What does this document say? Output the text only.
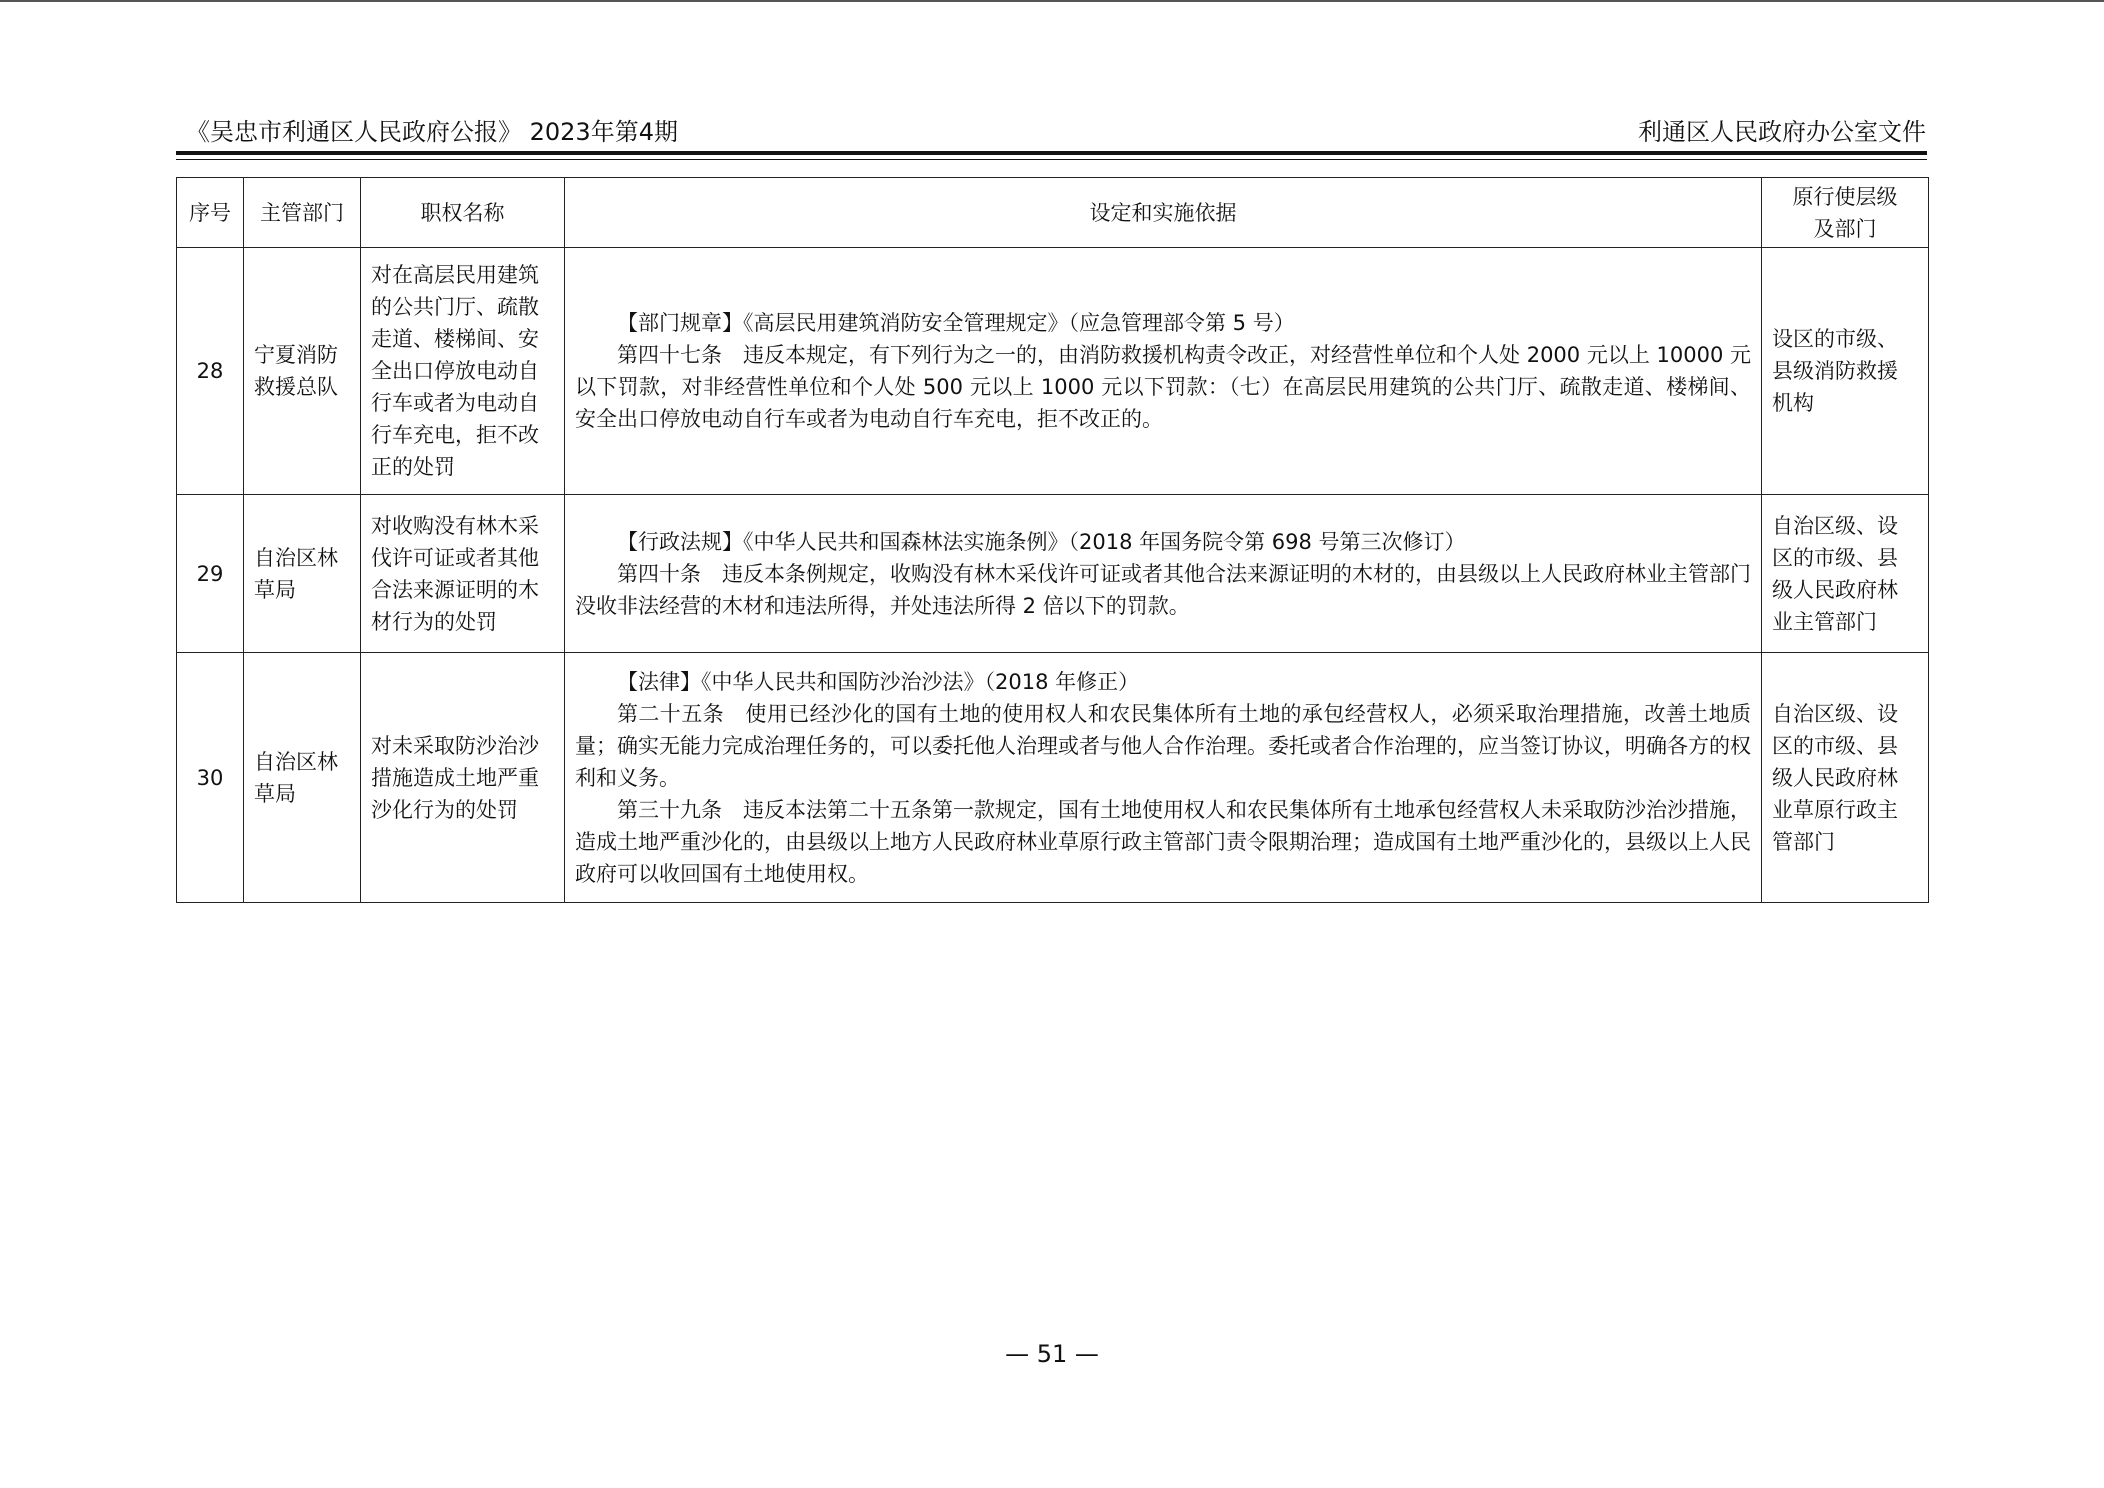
《吴忠市利通区人民政府公报》 2023年第4期	利通区人民政府办公室文件
序号	主管部门	职权名称	设定和实施依据	原行使层级及部门
28	宁夏消防救援总队	对在高层民用建筑的公共门厅、疏散走道、楼梯间、安全出口停放电动自行车或者为电动自行车充电，拒不改正的处罚	【部门规章】《高层民用建筑消防安全管理规定》（应急管理部令第 5 号）
第四十七条　违反本规定，有下列行为之一的，由消防救援机构责令改正，对经营性单位和个人处 2000 元以上 10000 元以下罚款，对非经营性单位和个人处 500 元以上 1000 元以下罚款：（七）在高层民用建筑的公共门厅、疏散走道、楼梯间、安全出口停放电动自行车或者为电动自行车充电，拒不改正的。	设区的市级、县级消防救援机构
29	自治区林草局	对收购没有林木采伐许可证或者其他合法来源证明的木材行为的处罚	【行政法规】《中华人民共和国森林法实施条例》（2018 年国务院令第 698 号第三次修订）
第四十条　违反本条例规定，收购没有林木采伐许可证或者其他合法来源证明的木材的，由县级以上人民政府林业主管部门没收非法经营的木材和违法所得，并处违法所得 2 倍以下的罚款。	自治区级、设区的市级、县级人民政府林业主管部门
30	自治区林草局	对未采取防沙治沙措施造成土地严重沙化行为的处罚	【法律】《中华人民共和国防沙治沙法》（2018 年修正）
第二十五条　使用已经沙化的国有土地的使用权人和农民集体所有土地的承包经营权人，必须采取治理措施，改善土地质量；确实无能力完成治理任务的，可以委托他人治理或者与他人合作治理。委托或者合作治理的，应当签订协议，明确各方的权利和义务。
第三十九条　违反本法第二十五条第一款规定，国有土地使用权人和农民集体所有土地承包经营权人未采取防沙治沙措施，造成土地严重沙化的，由县级以上地方人民政府林业草原行政主管部门责令限期治理；造成国有土地严重沙化的，县级以上人民政府可以收回国有土地使用权。	自治区级、设区的市级、县级人民政府林业草原行政主管部门
— 51 —
